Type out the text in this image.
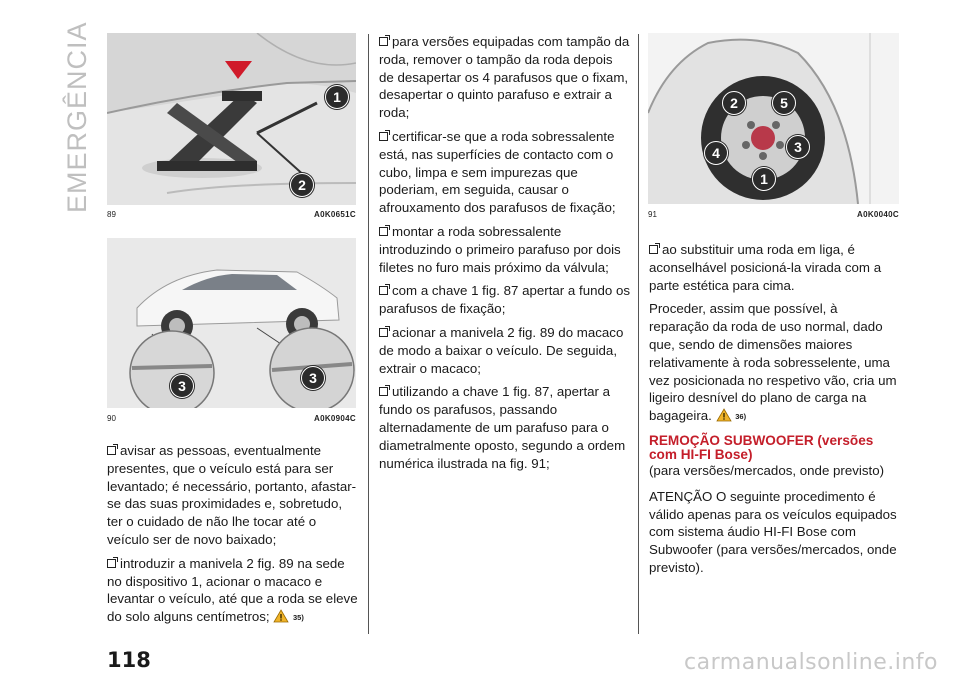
EMERGÊNCIA	1
2
89	A0K0651C
3	3
90	A0K0904C

avisar as pessoas, eventualmente presentes, que o veículo está para ser levantado; é necessário, portanto, afastar-se das suas proximidades e, sobretudo, ter o cuidado de não lhe tocar até o veículo ser de novo baixado;

introduzir a manivela 2 fig. 89 na sede no dispositivo 1, acionar o macaco e levantar o veículo, até que a roda se eleve do solo alguns centímetros;	35)

para versões equipadas com tampão da roda, remover o tampão da roda depois de desapertar os 4 parafusos que o fixam, desapertar o quinto parafuso e extrair a roda;

certificar-se que a roda sobressalente está, nas superfícies de contacto com o cubo, limpa e sem impurezas que poderiam, em seguida, causar o afrouxamento dos parafusos de fixação;

montar a roda sobressalente introduzindo o primeiro parafuso por dois filetes no furo mais próximo da válvula;

com a chave 1 fig. 87 apertar a fundo os parafusos de fixação;

acionar a manivela 2 fig. 89 do macaco de modo a baixar o veículo. De seguida, extrair o macaco;

utilizando a chave 1 fig. 87, apertar a fundo os parafusos, passando alternadamente de um parafuso para o diametralmente oposto, segundo a ordem numérica ilustrada na fig. 91;

2	5
4	3
1
91	A0K0040C

ao substituir uma roda em liga, é aconselhável posicioná-la virada com a parte estética para cima.

Proceder, assim que possível, à reparação da roda de uso normal, dado que, sendo de dimensões maiores relativamente à roda sobresselente, uma vez posicionada no respetivo vão, cria um ligeiro desnível do plano de carga na bagageira.	36)

REMOÇÃO SUBWOOFER (versões com HI-FI Bose)

(para versões/mercados, onde previsto)

ATENÇÃO O seguinte procedimento é válido apenas para os veículos equipados com sistema áudio HI-FI Bose com Subwoofer (para versões/mercados, onde previsto).

118	carmanualsonline.info
